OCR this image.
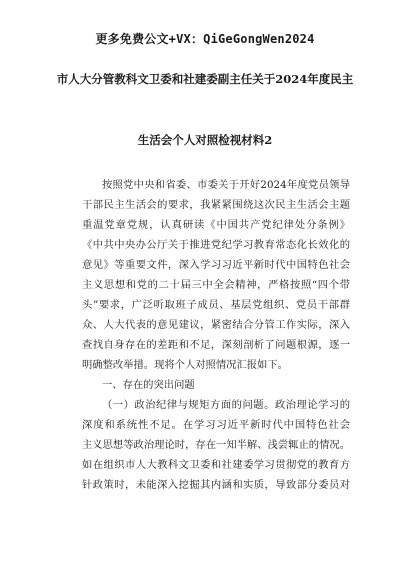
更多免费公文+VX：QiGeGongWen2024
市人大分管教科文卫委和社建委副主任关于2024年度民主
生活会个人对照检视材料2
按照党中央和省委、市委关于开好2024年度党员领导
干部民主生活会的要求，我紧紧围绕这次民主生活会主题
重温党章党规，认真研读《中国共产党纪律处分条例》
《中共中央办公厅关于推进党纪学习教育常态化长效化的
意见》等重要文件，深入学习习近平新时代中国特色社会
主义思想和党的二十届三中全会精神，严格按照“四个带
头”要求，广泛听取班子成员、基层党组织、党员干部群
众、人大代表的意见建议，紧密结合分管工作实际，深入
查找自身存在的差距和不足，深刻剖析了问题根源，逐一
明确整改举措。现将个人对照情况汇报如下。
一、存在的突出问题
（一）政治纪律与规矩方面的问题。政治理论学习的
深度和系统性不足。在学习习近平新时代中国特色社会
主义思想等政治理论时，存在一知半解、浅尝辄止的情况。
如在组织市人大教科文卫委和社建委学习贯彻党的教育方
针政策时，未能深入挖掘其内涵和实质，导致部分委员对
